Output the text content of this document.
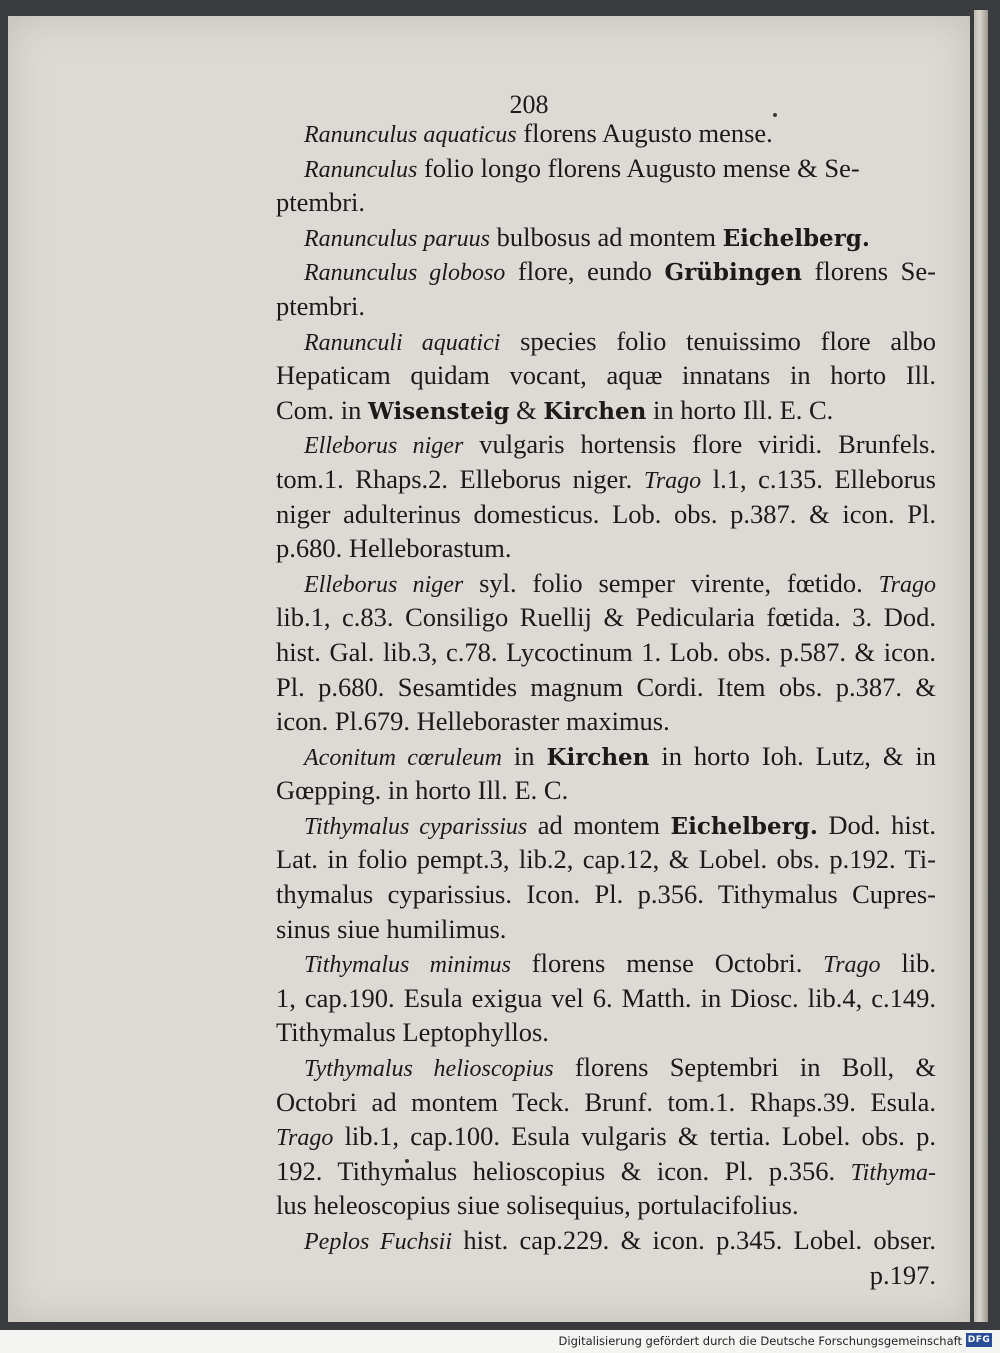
208
Ranunculus aquaticus florens Augusto mense.
Ranunculus folio longo florens Augusto mense & Se-
ptembri.
Ranunculus paruus bulbosus ad montem Eichelberg.
Ranunculus globoso flore, eundo Grübingen florens Se-
ptembri.
Ranunculi aquatici species folio tenuissimo flore albo
Hepaticam quidam vocant, aquæ innatans in horto Ill.
Com. in Wisensteig & Kirchen in horto Ill. E. C.
Elleborus niger vulgaris hortensis flore viridi. Brunfels.
tom.1. Rhaps.2. Elleborus niger. Trago l.1, c.135. Elleborus
niger adulterinus domesticus. Lob. obs. p.387. & icon. Pl.
p.680. Helleborastum.
Elleborus niger syl. folio semper virente, fœtido. Trago
lib.1, c.83. Consiligo Ruellij & Pedicularia fœtida. 3. Dod.
hist. Gal. lib.3, c.78. Lycoctinum 1. Lob. obs. p.587. & icon.
Pl. p.680. Sesamtides magnum Cordi. Item obs. p.387. &
icon. Pl.679. Helleboraster maximus.
Aconitum cœruleum in Kirchen in horto Ioh. Lutz, & in
Gœpping. in horto Ill. E. C.
Tithymalus cyparissius ad montem Eichelberg. Dod. hist.
Lat. in folio pempt.3, lib.2, cap.12, & Lobel. obs. p.192. Ti-
thymalus cyparissius. Icon. Pl. p.356. Tithymalus Cupres-
sinus siue humilimus.
Tithymalus minimus florens mense Octobri. Trago lib.
1, cap.190. Esula exigua vel 6. Matth. in Diosc. lib.4, c.149.
Tithymalus Leptophyllos.
Tythymalus helioscopius florens Septembri in Boll, &
Octobri ad montem Teck. Brunf. tom.1. Rhaps.39. Esula.
Trago lib.1, cap.100. Esula vulgaris & tertia. Lobel. obs. p.
192. Tithymalus helioscopius & icon. Pl. p.356. Tithyma-
lus heleoscopius siue solisequius, portulacifolius.
Peplos Fuchsii hist. cap.229. & icon. p.345. Lobel. obser.
p.197.
Digitalisierung gefördert durch die Deutsche Forschungsgemeinschaft DFG
